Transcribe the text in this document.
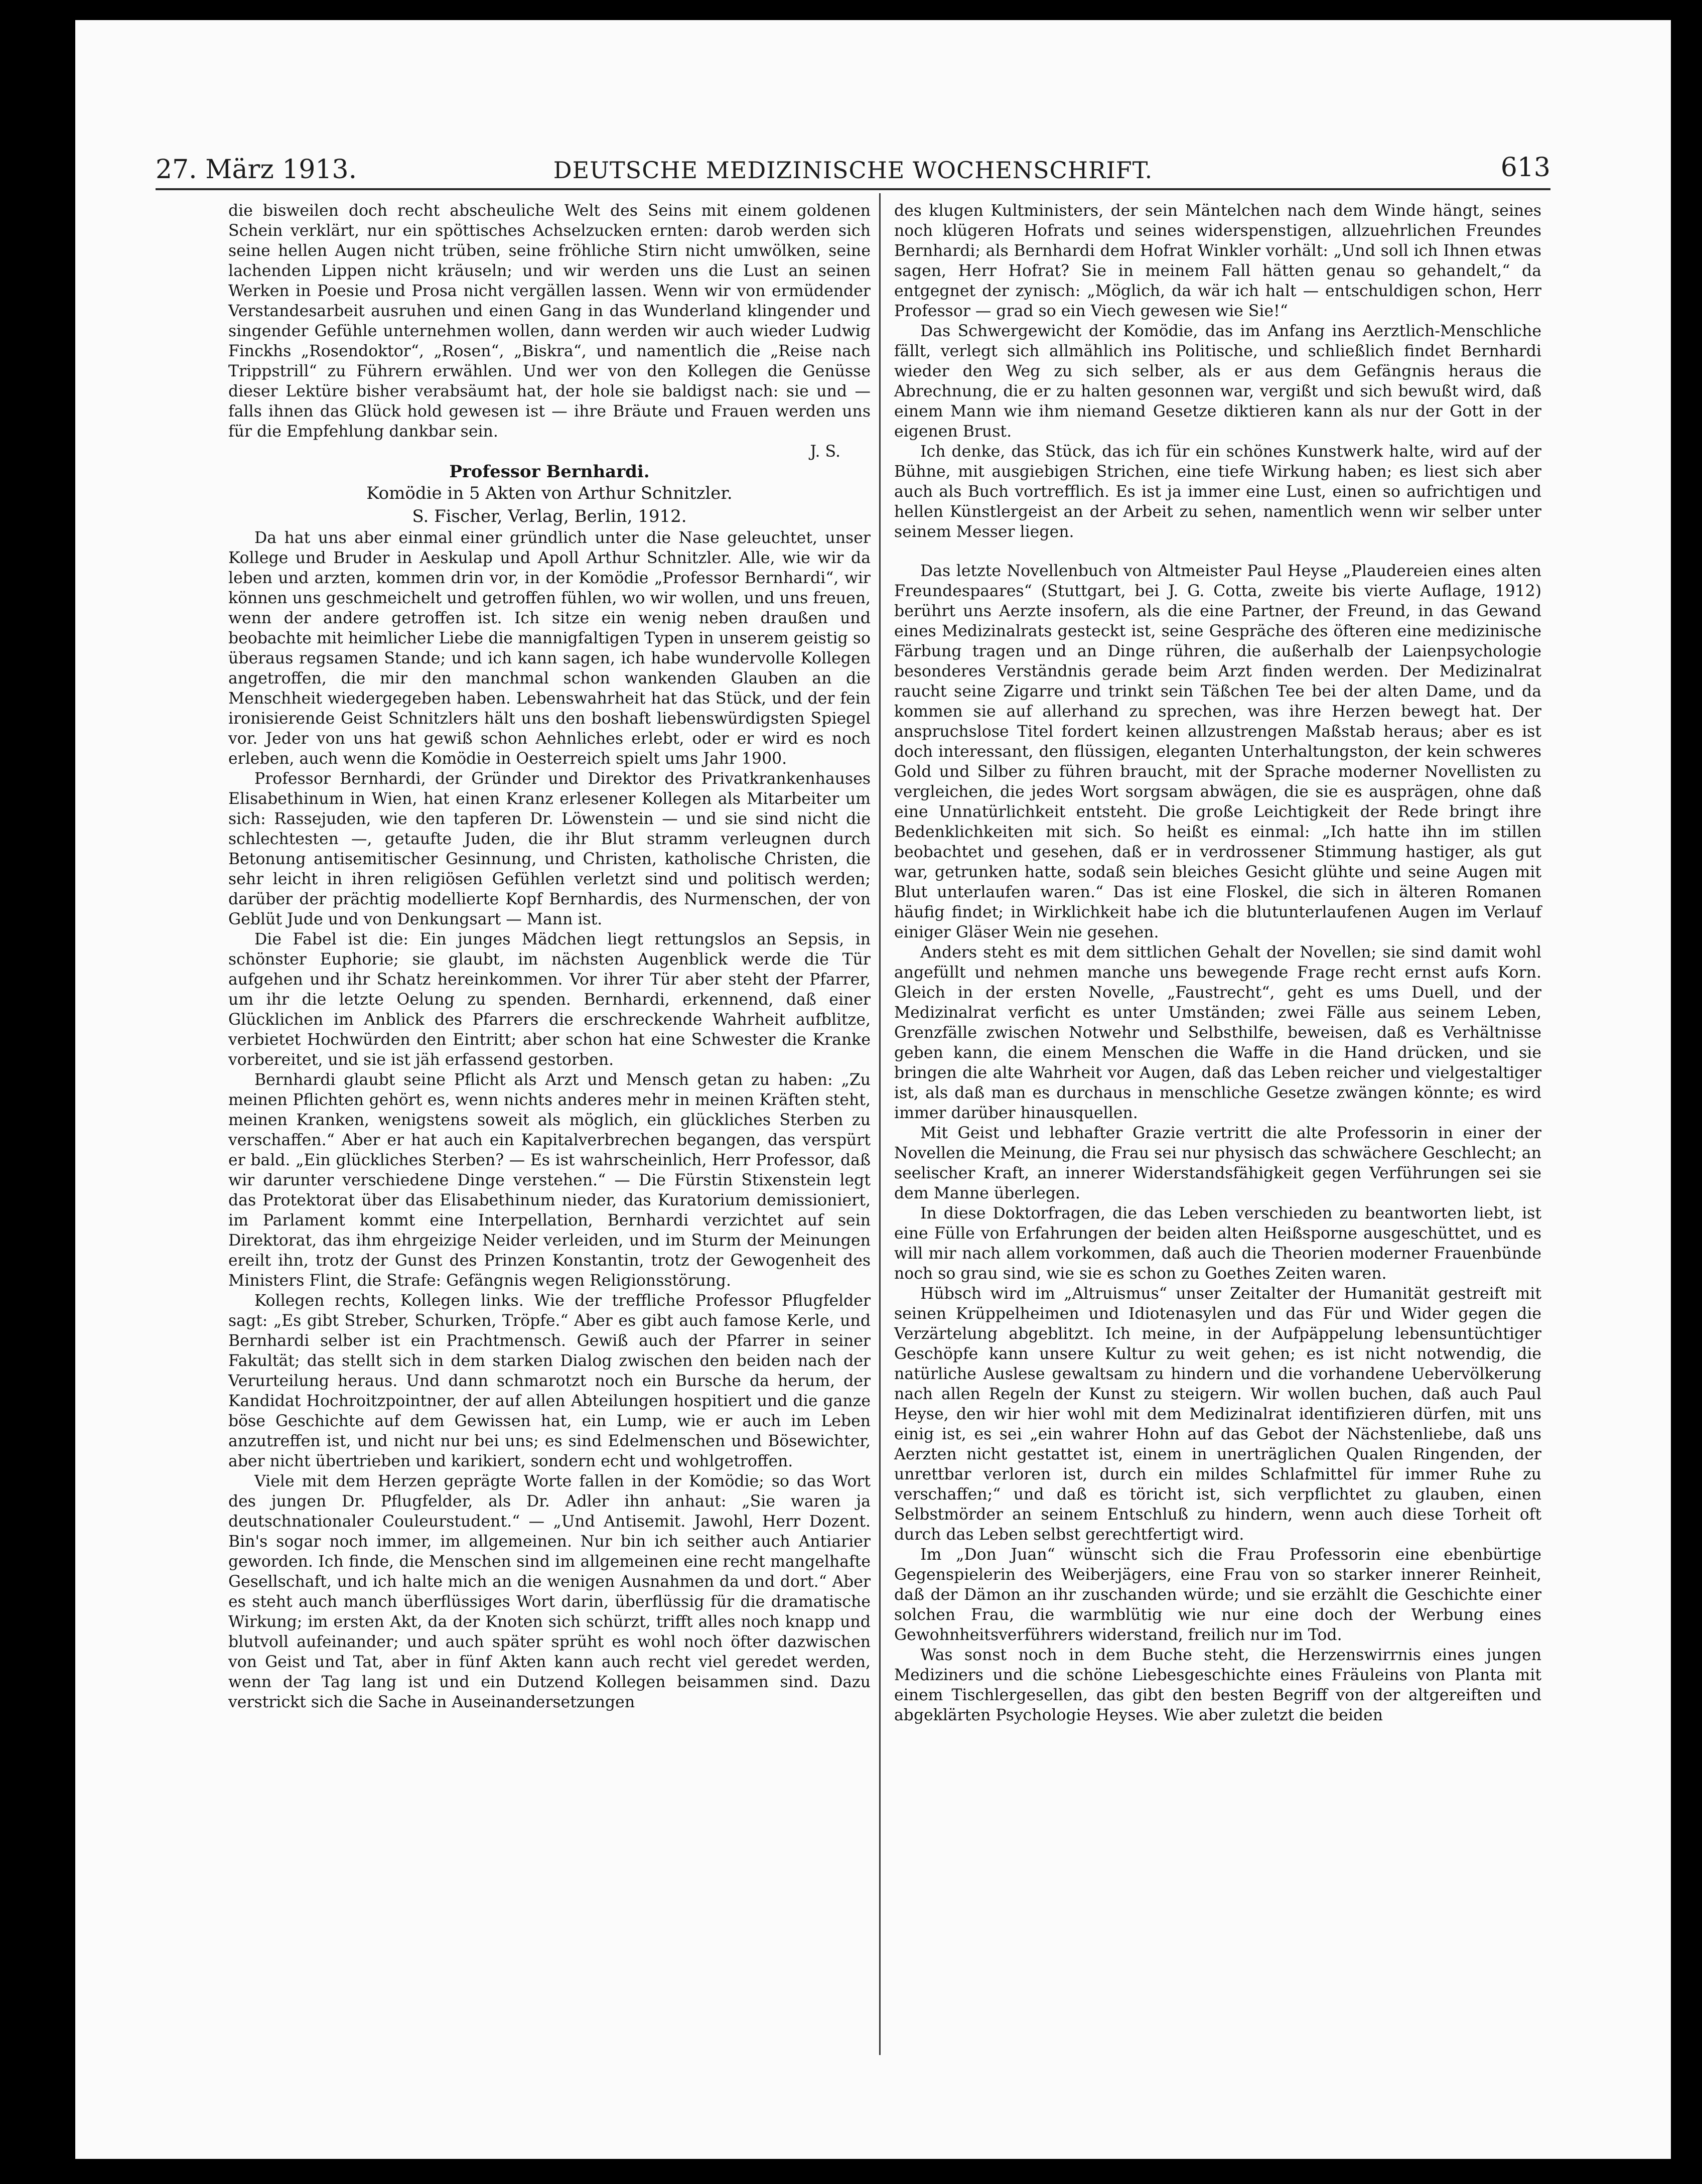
27. März 1913.	DEUTSCHE MEDIZINISCHE WOCHENSCHRIFT.	613

die bisweilen doch recht abscheuliche Welt des Seins mit einem goldenen Schein verklärt, nur ein spöttisches Achselzucken ernten: darob werden sich seine hellen Augen nicht trüben, seine fröhliche Stirn nicht umwölken, seine lachenden Lippen nicht kräuseln; und wir werden uns die Lust an seinen Werken in Poesie und Prosa nicht vergällen lassen. Wenn wir von ermüdender Verstandesarbeit ausruhen und einen Gang in das Wunderland klingender und singender Gefühle unternehmen wollen, dann werden wir auch wieder Ludwig Finckhs „Rosendoktor“, „Rosen“, „Biskra“, und namentlich die „Reise nach Trippstrill“ zu Führern erwählen. Und wer von den Kollegen die Genüsse dieser Lektüre bisher verabsäumt hat, der hole sie baldigst nach: sie und — falls ihnen das Glück hold gewesen ist — ihre Bräute und Frauen werden uns für die Empfehlung dankbar sein.

J. S.

Professor Bernhardi.

Komödie in 5 Akten von Arthur Schnitzler.

S. Fischer, Verlag, Berlin, 1912.

Da hat uns aber einmal einer gründlich unter die Nase geleuchtet, unser Kollege und Bruder in Aeskulap und Apoll Arthur Schnitzler. Alle, wie wir da leben und arzten, kommen drin vor, in der Komödie „Professor Bernhardi“, wir können uns geschmeichelt und getroffen fühlen, wo wir wollen, und uns freuen, wenn der andere getroffen ist. Ich sitze ein wenig neben draußen und beobachte mit heimlicher Liebe die mannigfaltigen Typen in unserem geistig so überaus regsamen Stande; und ich kann sagen, ich habe wundervolle Kollegen angetroffen, die mir den manchmal schon wankenden Glauben an die Menschheit wiedergegeben haben. Lebenswahrheit hat das Stück, und der fein ironisierende Geist Schnitzlers hält uns den boshaft liebenswürdigsten Spiegel vor. Jeder von uns hat gewiß schon Aehnliches erlebt, oder er wird es noch erleben, auch wenn die Komödie in Oesterreich spielt ums Jahr 1900.

Professor Bernhardi, der Gründer und Direktor des Privatkrankenhauses Elisabethinum in Wien, hat einen Kranz erlesener Kollegen als Mitarbeiter um sich: Rassejuden, wie den tapferen Dr. Löwenstein — und sie sind nicht die schlechtesten —, getaufte Juden, die ihr Blut stramm verleugnen durch Betonung antisemitischer Gesinnung, und Christen, katholische Christen, die sehr leicht in ihren religiösen Gefühlen verletzt sind und politisch werden; darüber der prächtig modellierte Kopf Bernhardis, des Nurmenschen, der von Geblüt Jude und von Denkungsart — Mann ist.

Die Fabel ist die: Ein junges Mädchen liegt rettungslos an Sepsis, in schönster Euphorie; sie glaubt, im nächsten Augenblick werde die Tür aufgehen und ihr Schatz hereinkommen. Vor ihrer Tür aber steht der Pfarrer, um ihr die letzte Oelung zu spenden. Bernhardi, erkennend, daß einer Glücklichen im Anblick des Pfarrers die erschreckende Wahrheit aufblitze, verbietet Hochwürden den Eintritt; aber schon hat eine Schwester die Kranke vorbereitet, und sie ist jäh erfassend gestorben.

Bernhardi glaubt seine Pflicht als Arzt und Mensch getan zu haben: „Zu meinen Pflichten gehört es, wenn nichts anderes mehr in meinen Kräften steht, meinen Kranken, wenigstens soweit als möglich, ein glückliches Sterben zu verschaffen.“ Aber er hat auch ein Kapitalverbrechen begangen, das verspürt er bald. „Ein glückliches Sterben? — Es ist wahrscheinlich, Herr Professor, daß wir darunter verschiedene Dinge verstehen.“ — Die Fürstin Stixenstein legt das Protektorat über das Elisabethinum nieder, das Kuratorium demissioniert, im Parlament kommt eine Interpellation, Bernhardi verzichtet auf sein Direktorat, das ihm ehrgeizige Neider verleiden, und im Sturm der Meinungen ereilt ihn, trotz der Gunst des Prinzen Konstantin, trotz der Gewogenheit des Ministers Flint, die Strafe: Gefängnis wegen Religionsstörung.

Kollegen rechts, Kollegen links. Wie der treffliche Professor Pflugfelder sagt: „Es gibt Streber, Schurken, Tröpfe.“ Aber es gibt auch famose Kerle, und Bernhardi selber ist ein Prachtmensch. Gewiß auch der Pfarrer in seiner Fakultät; das stellt sich in dem starken Dialog zwischen den beiden nach der Verurteilung heraus. Und dann schmarotzt noch ein Bursche da herum, der Kandidat Hochroitzpointner, der auf allen Abteilungen hospitiert und die ganze böse Geschichte auf dem Gewissen hat, ein Lump, wie er auch im Leben anzutreffen ist, und nicht nur bei uns; es sind Edelmenschen und Bösewichter, aber nicht übertrieben und karikiert, sondern echt und wohlgetroffen.

Viele mit dem Herzen geprägte Worte fallen in der Komödie; so das Wort des jungen Dr. Pflugfelder, als Dr. Adler ihn anhaut: „Sie waren ja deutschnationaler Couleurstudent.“ — „Und Antisemit. Jawohl, Herr Dozent. Bin's sogar noch immer, im allgemeinen. Nur bin ich seither auch Antiarier geworden. Ich finde, die Menschen sind im allgemeinen eine recht mangelhafte Gesellschaft, und ich halte mich an die wenigen Ausnahmen da und dort.“ Aber es steht auch manch überflüssiges Wort darin, überflüssig für die dramatische Wirkung; im ersten Akt, da der Knoten sich schürzt, trifft alles noch knapp und blutvoll aufeinander; und auch später sprüht es wohl noch öfter dazwischen von Geist und Tat, aber in fünf Akten kann auch recht viel geredet werden, wenn der Tag lang ist und ein Dutzend Kollegen beisammen sind. Dazu verstrickt sich die Sache in Auseinandersetzungen

des klugen Kultministers, der sein Mäntelchen nach dem Winde hängt, seines noch klügeren Hofrats und seines widerspenstigen, allzuehrlichen Freundes Bernhardi; als Bernhardi dem Hofrat Winkler vorhält: „Und soll ich Ihnen etwas sagen, Herr Hofrat? Sie in meinem Fall hätten genau so gehandelt,“ da entgegnet der zynisch: „Möglich, da wär ich halt — entschuldigen schon, Herr Professor — grad so ein Viech gewesen wie Sie!“

Das Schwergewicht der Komödie, das im Anfang ins Aerztlich-Menschliche fällt, verlegt sich allmählich ins Politische, und schließlich findet Bernhardi wieder den Weg zu sich selber, als er aus dem Gefängnis heraus die Abrechnung, die er zu halten gesonnen war, vergißt und sich bewußt wird, daß einem Mann wie ihm niemand Gesetze diktieren kann als nur der Gott in der eigenen Brust.

Ich denke, das Stück, das ich für ein schönes Kunstwerk halte, wird auf der Bühne, mit ausgiebigen Strichen, eine tiefe Wirkung haben; es liest sich aber auch als Buch vortrefflich. Es ist ja immer eine Lust, einen so aufrichtigen und hellen Künstlergeist an der Arbeit zu sehen, namentlich wenn wir selber unter seinem Messer liegen.

Das letzte Novellenbuch von Altmeister Paul Heyse „Plaudereien eines alten Freundespaares“ (Stuttgart, bei J. G. Cotta, zweite bis vierte Auflage, 1912) berührt uns Aerzte insofern, als die eine Partner, der Freund, in das Gewand eines Medizinalrats gesteckt ist, seine Gespräche des öfteren eine medizinische Färbung tragen und an Dinge rühren, die außerhalb der Laienpsychologie besonderes Verständnis gerade beim Arzt finden werden. Der Medizinalrat raucht seine Zigarre und trinkt sein Täßchen Tee bei der alten Dame, und da kommen sie auf allerhand zu sprechen, was ihre Herzen bewegt hat. Der anspruchslose Titel fordert keinen allzustrengen Maßstab heraus; aber es ist doch interessant, den flüssigen, eleganten Unterhaltungston, der kein schweres Gold und Silber zu führen braucht, mit der Sprache moderner Novellisten zu vergleichen, die jedes Wort sorgsam abwägen, die sie es ausprägen, ohne daß eine Unnatürlichkeit entsteht. Die große Leichtigkeit der Rede bringt ihre Bedenklichkeiten mit sich. So heißt es einmal: „Ich hatte ihn im stillen beobachtet und gesehen, daß er in verdrossener Stimmung hastiger, als gut war, getrunken hatte, sodaß sein bleiches Gesicht glühte und seine Augen mit Blut unterlaufen waren.“ Das ist eine Floskel, die sich in älteren Romanen häufig findet; in Wirklichkeit habe ich die blutunterlaufenen Augen im Verlauf einiger Gläser Wein nie gesehen.

Anders steht es mit dem sittlichen Gehalt der Novellen; sie sind damit wohl angefüllt und nehmen manche uns bewegende Frage recht ernst aufs Korn. Gleich in der ersten Novelle, „Faustrecht“, geht es ums Duell, und der Medizinalrat verficht es unter Umständen; zwei Fälle aus seinem Leben, Grenzfälle zwischen Notwehr und Selbsthilfe, beweisen, daß es Verhältnisse geben kann, die einem Menschen die Waffe in die Hand drücken, und sie bringen die alte Wahrheit vor Augen, daß das Leben reicher und vielgestaltiger ist, als daß man es durchaus in menschliche Gesetze zwängen könnte; es wird immer darüber hinausquellen.

Mit Geist und lebhafter Grazie vertritt die alte Professorin in einer der Novellen die Meinung, die Frau sei nur physisch das schwächere Geschlecht; an seelischer Kraft, an innerer Widerstandsfähigkeit gegen Verführungen sei sie dem Manne überlegen.

In diese Doktorfragen, die das Leben verschieden zu beantworten liebt, ist eine Fülle von Erfahrungen der beiden alten Heißsporne ausgeschüttet, und es will mir nach allem vorkommen, daß auch die Theorien moderner Frauenbünde noch so grau sind, wie sie es schon zu Goethes Zeiten waren.

Hübsch wird im „Altruismus“ unser Zeitalter der Humanität gestreift mit seinen Krüppelheimen und Idiotenasylen und das Für und Wider gegen die Verzärtelung abgeblitzt. Ich meine, in der Aufpäppelung lebensuntüchtiger Geschöpfe kann unsere Kultur zu weit gehen; es ist nicht notwendig, die natürliche Auslese gewaltsam zu hindern und die vorhandene Uebervölkerung nach allen Regeln der Kunst zu steigern. Wir wollen buchen, daß auch Paul Heyse, den wir hier wohl mit dem Medizinalrat identifizieren dürfen, mit uns einig ist, es sei „ein wahrer Hohn auf das Gebot der Nächstenliebe, daß uns Aerzten nicht gestattet ist, einem in unerträglichen Qualen Ringenden, der unrettbar verloren ist, durch ein mildes Schlafmittel für immer Ruhe zu verschaffen;“ und daß es töricht ist, sich verpflichtet zu glauben, einen Selbstmörder an seinem Entschluß zu hindern, wenn auch diese Torheit oft durch das Leben selbst gerechtfertigt wird.

Im „Don Juan“ wünscht sich die Frau Professorin eine ebenbürtige Gegenspielerin des Weiberjägers, eine Frau von so starker innerer Reinheit, daß der Dämon an ihr zuschanden würde; und sie erzählt die Geschichte einer solchen Frau, die warmblütig wie nur eine doch der Werbung eines Gewohnheitsverführers widerstand, freilich nur im Tod.

Was sonst noch in dem Buche steht, die Herzenswirrnis eines jungen Mediziners und die schöne Liebesgeschichte eines Fräuleins von Planta mit einem Tischlergesellen, das gibt den besten Begriff von der altgereiften und abgeklärten Psychologie Heyses. Wie aber zuletzt die beiden
